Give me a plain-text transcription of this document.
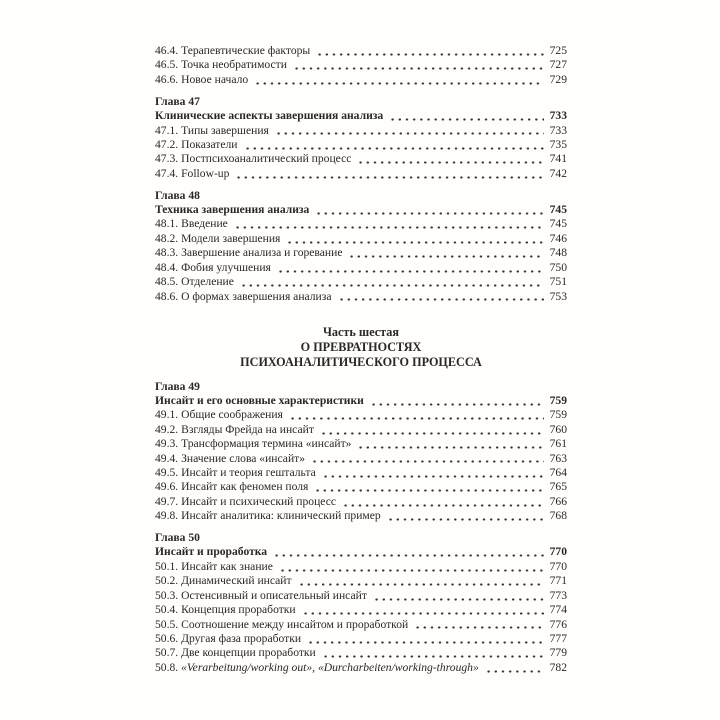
46.4. Терапевтические факторы	725
46.5. Точка необратимости	727
46.6. Новое начало	729
Глава 47
Клинические аспекты завершения анализа	733
47.1. Типы завершения	733
47.2. Показатели	735
47.3. Постпсихоаналитический процесс	741
47.4. Follow-up	742
Глава 48
Техника завершения анализа	745
48.1. Введение	745
48.2. Модели завершения	746
48.3. Завершение анализа и горевание	748
48.4. Фобия улучшения	750
48.5. Отделение	751
48.6. О формах завершения анализа	753
Часть шестая
О ПРЕВРАТНОСТЯХ
ПСИХОАНАЛИТИЧЕСКОГО ПРОЦЕССА
Глава 49
Инсайт и его основные характеристики	759
49.1. Общие соображения	759
49.2. Взгляды Фрейда на инсайт	760
49.3. Трансформация термина «инсайт»	761
49.4. Значение слова «инсайт»	763
49.5. Инсайт и теория гештальта	764
49.6. Инсайт как феномен поля	765
49.7. Инсайт и психический процесс	766
49.8. Инсайт аналитика: клинический пример	768
Глава 50
Инсайт и проработка	770
50.1. Инсайт как знание	770
50.2. Динамический инсайт	771
50.3. Остенсивный и описательный инсайт	773
50.4. Концепция проработки	774
50.5. Соотношение между инсайтом и проработкой	776
50.6. Другая фаза проработки	777
50.7. Две концепции проработки	779
50.8. «Verarbeitung/working out», «Durcharbeiten/working-through»	782
